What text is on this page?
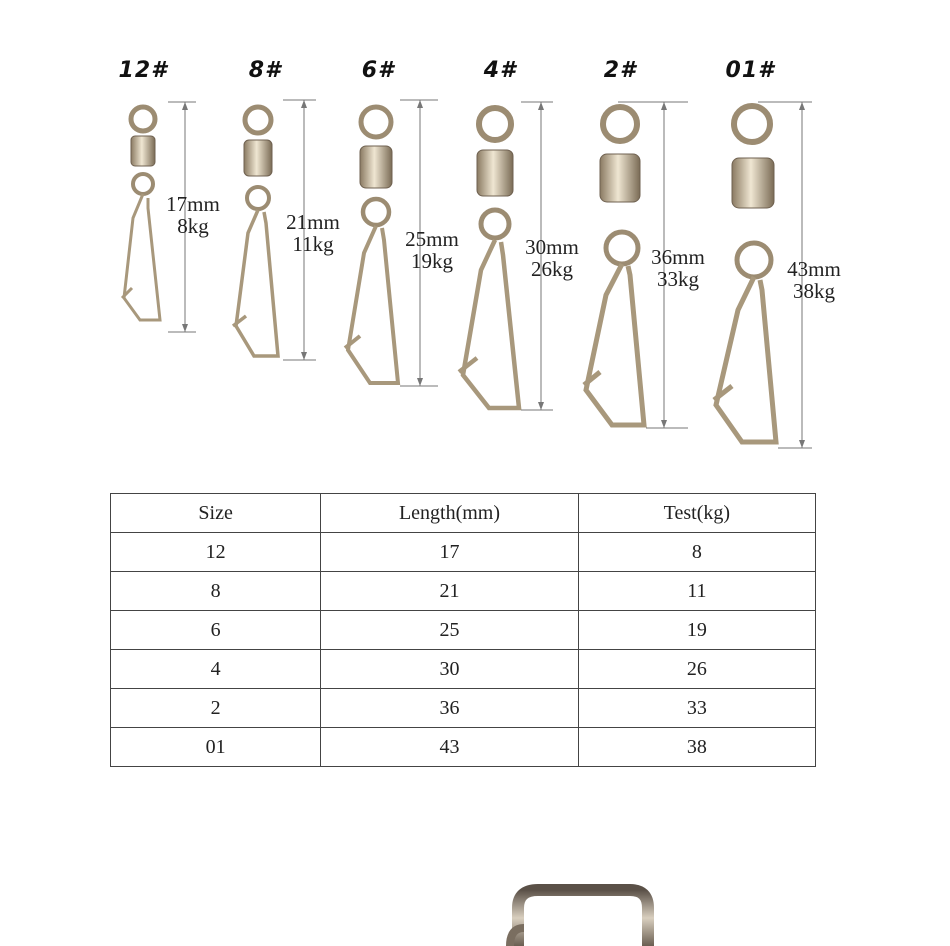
12#	8#	6#	4#	2#	01#
17mm
8kg	21mm
11kg	25mm
19kg
30mm
26kg	36mm
33kg	43mm
38kg
Size	Length(mm)	Test(kg)
12	17	8
8	21	11
6	25	19
4	30	26
2	36	33
01	43	38
